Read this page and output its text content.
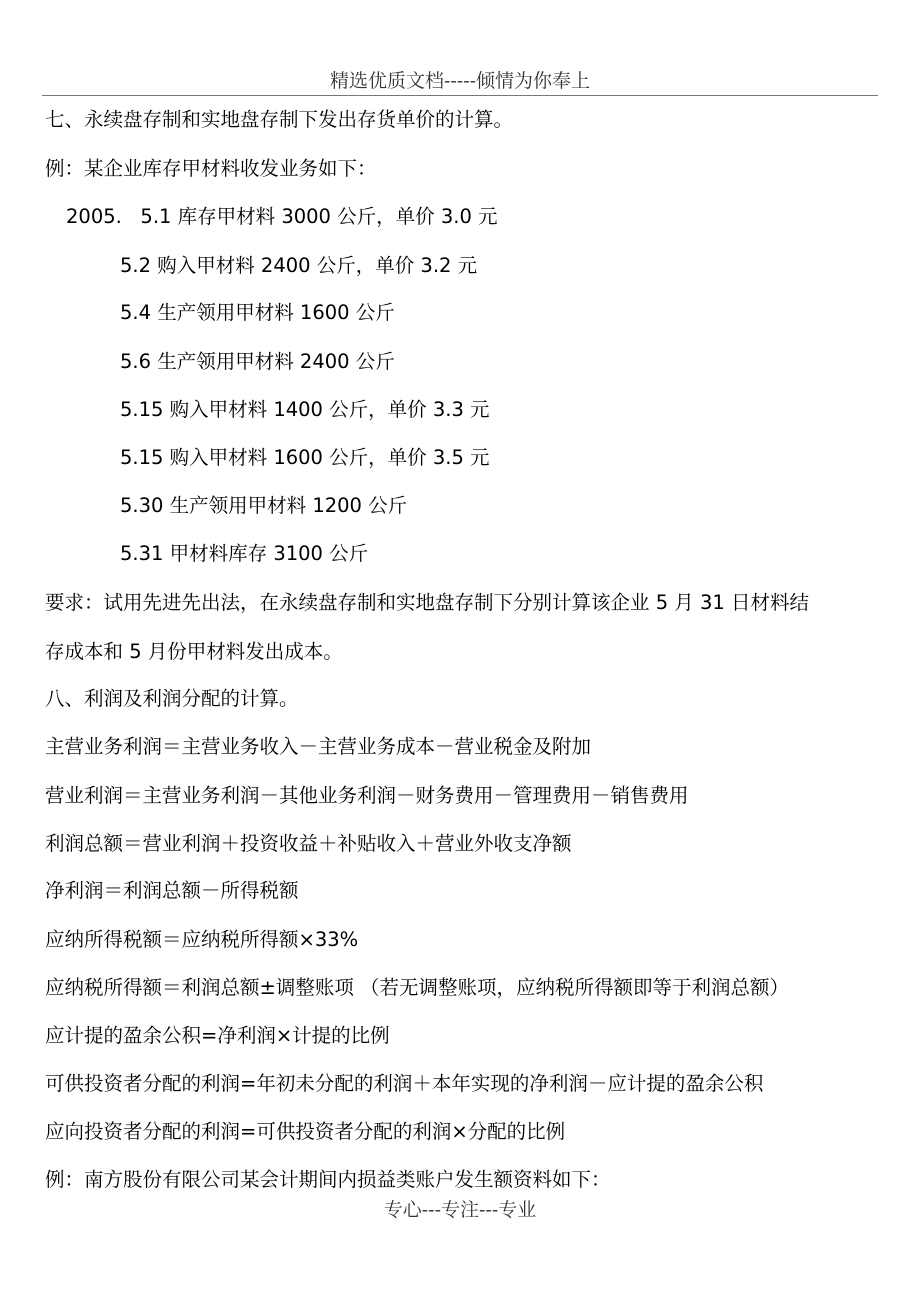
精选优质文档-----倾情为你奉上
七、永续盘存制和实地盘存制下发出存货单价的计算。
例：某企业库存甲材料收发业务如下：
2005.   5.1 库存甲材料 3000 公斤，单价 3.0 元
5.2 购入甲材料 2400 公斤，单价 3.2 元
5.4 生产领用甲材料 1600 公斤
5.6 生产领用甲材料 2400 公斤
5.15 购入甲材料 1400 公斤，单价 3.3 元
5.15 购入甲材料 1600 公斤，单价 3.5 元
5.30 生产领用甲材料 1200 公斤
5.31 甲材料库存 3100 公斤
要求：试用先进先出法，在永续盘存制和实地盘存制下分别计算该企业 5 月 31 日材料结
存成本和 5 月份甲材料发出成本。
八、利润及利润分配的计算。
主营业务利润＝主营业务收入－主营业务成本－营业税金及附加
营业利润＝主营业务利润－其他业务利润－财务费用－管理费用－销售费用
利润总额＝营业利润＋投资收益＋补贴收入＋营业外收支净额
净利润＝利润总额－所得税额
应纳所得税额＝应纳税所得额×33%
应纳税所得额＝利润总额±调整账项 （若无调整账项，应纳税所得额即等于利润总额）
应计提的盈余公积=净利润×计提的比例
可供投资者分配的利润=年初未分配的利润＋本年实现的净利润－应计提的盈余公积
应向投资者分配的利润=可供投资者分配的利润×分配的比例
例：南方股份有限公司某会计期间内损益类账户发生额资料如下：
专心---专注---专业
